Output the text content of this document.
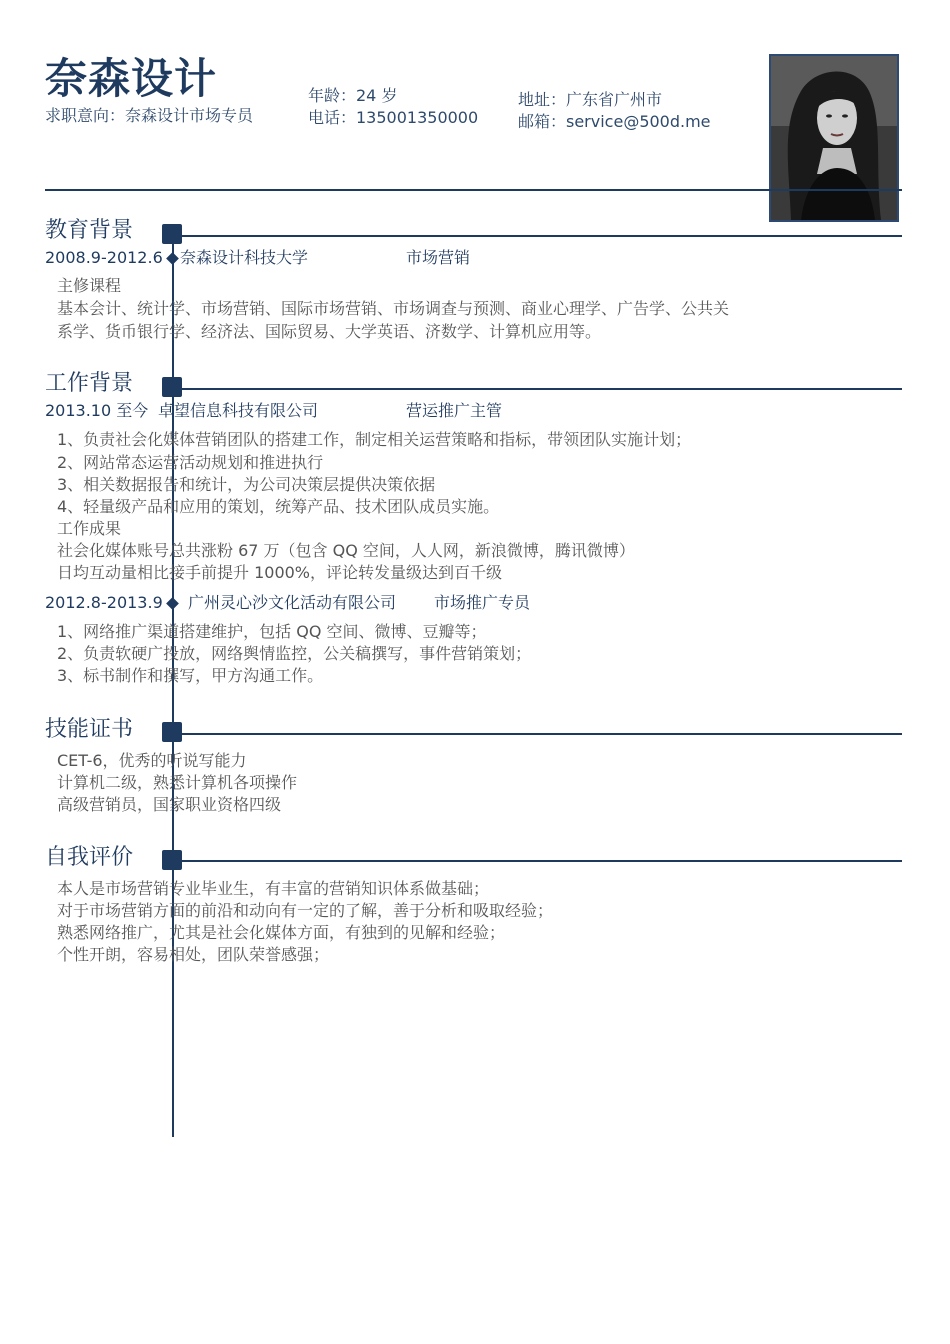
奈森设计
求职意向：奈森设计市场专员
年龄：24 岁
电话：135001350000
地址：广东省广州市
邮箱：service@500d.me
教育背景
2008.9-2012.6 奈森设计科技大学	市场营销
主修课程
基本会计、统计学、市场营销、国际市场营销、市场调查与预测、商业心理学、广告学、公共关
系学、货币银行学、经济法、国际贸易、大学英语、济数学、计算机应用等。
工作背景
2013.10 至今 卓望信息科技有限公司	营运推广主管
1、负责社会化媒体营销团队的搭建工作，制定相关运营策略和指标，带领团队实施计划；
2、网站常态运营活动规划和推进执行
3、相关数据报告和统计，为公司决策层提供决策依据
4、轻量级产品和应用的策划，统筹产品、技术团队成员实施。
工作成果
社会化媒体账号总共涨粉 67 万（包含 QQ 空间，人人网，新浪微博，腾讯微博）
日均互动量相比接手前提升 1000%，评论转发量级达到百千级
2012.8-2013.9 广州灵心沙文化活动有限公司 市场推广专员
1、网络推广渠道搭建维护，包括 QQ 空间、微博、豆瓣等；
2、负责软硬广投放，网络舆情监控，公关稿撰写，事件营销策划；
3、标书制作和撰写，甲方沟通工作。
技能证书
CET-6，优秀的听说写能力
计算机二级，熟悉计算机各项操作
高级营销员，国家职业资格四级
自我评价
本人是市场营销专业毕业生，有丰富的营销知识体系做基础；
对于市场营销方面的前沿和动向有一定的了解，善于分析和吸取经验；
熟悉网络推广，尤其是社会化媒体方面，有独到的见解和经验；
个性开朗，容易相处，团队荣誉感强；
